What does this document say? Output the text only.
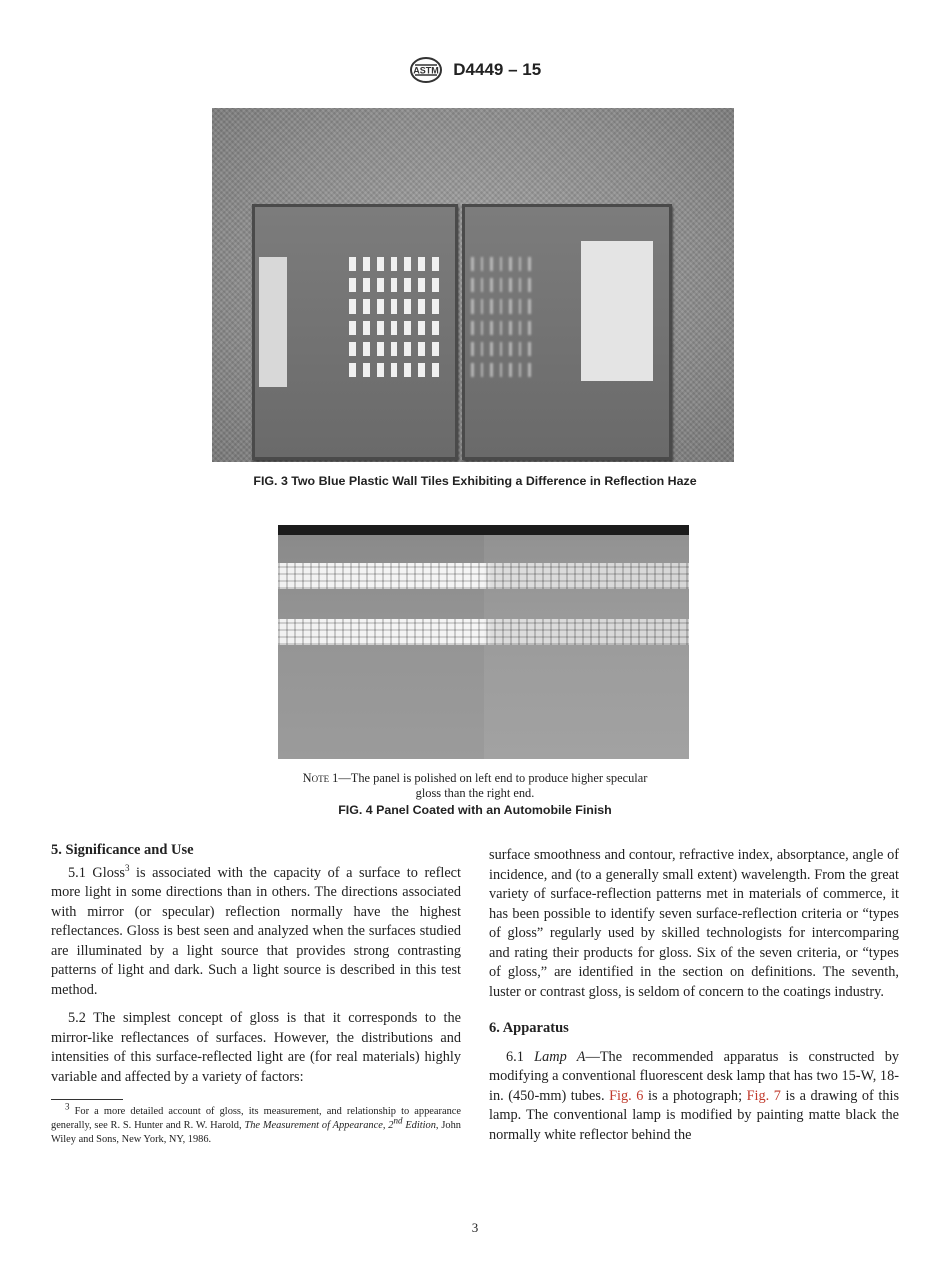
ASTM D4449 – 15
FIG. 3 Two Blue Plastic Wall Tiles Exhibiting a Difference in Reflection Haze
Note 1—The panel is polished on left end to produce higher specular
gloss than the right end.
FIG. 4 Panel Coated with an Automobile Finish
5. Significance and Use

5.1 Gloss$^3$ is associated with the capacity of a surface to reflect more light in some directions than in others. The directions associated with mirror (or specular) reflection normally have the highest reflectances. Gloss is best seen and analyzed when the surfaces studied are illuminated by a light source that provides strong contrasting patterns of light and dark. Such a light source is described in this test method.

5.2 The simplest concept of gloss is that it corresponds to the mirror-like reflectances of surfaces. However, the distributions and intensities of this surface-reflected light are (for real materials) highly variable and affected by a variety of factors:

surface smoothness and contour, refractive index, absorptance, angle of incidence, and (to a generally small extent) wavelength. From the great variety of surface-reflection patterns met in materials of commerce, it has been possible to identify seven surface-reflection criteria or “types of gloss” regularly used by skilled technologists for intercomparing and rating their products for gloss. Six of the seven criteria, or “types of gloss,” are identified in the section on definitions. The seventh, luster or contrast gloss, is seldom of concern to the coatings industry.

6. Apparatus

6.1 Lamp A—The recommended apparatus is constructed by modifying a conventional fluorescent desk lamp that has two 15-W, 18-in. (450-mm) tubes. Fig. 6 is a photograph; Fig. 7 is a drawing of this lamp. The conventional lamp is modified by painting matte black the normally white reflector behind the

$^3$ For a more detailed account of gloss, its measurement, and relationship to appearance generally, see R. S. Hunter and R. W. Harold, The Measurement of Appearance, 2nd Edition, John Wiley and Sons, New York, NY, 1986.

3
